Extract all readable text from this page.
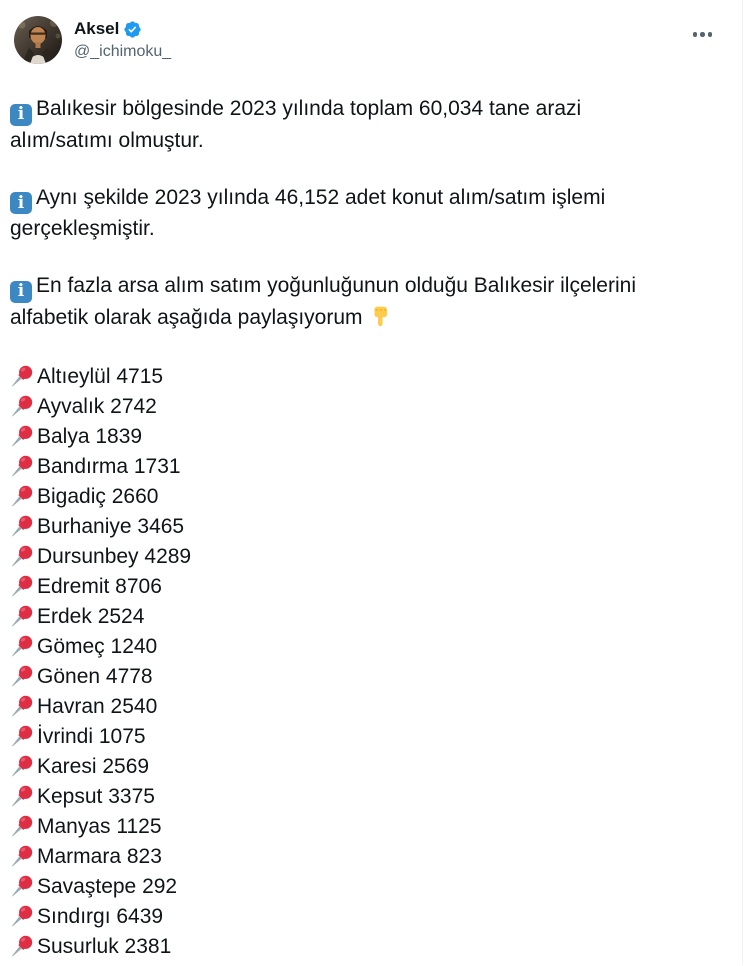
Aksel
@_ichimoku_

i Balıkesir bölgesinde 2023 yılında toplam 60,034 tane arazi alım/satımı olmuştur.

i Aynı şekilde 2023 yılında 46,152 adet konut alım/satım işlemi gerçekleşmiştir.

i En fazla arsa alım satım yoğunluğunun olduğu Balıkesir ilçelerini alfabetik olarak aşağıda paylaşıyorum

Altıeylül 4715
Ayvalık 2742
Balya 1839
Bandırma 1731
Bigadiç 2660
Burhaniye 3465
Dursunbey 4289
Edremit 8706
Erdek 2524
Gömeç 1240
Gönen 4778
Havran 2540
İvrindi 1075
Karesi 2569
Kepsut 3375
Manyas 1125
Marmara 823
Savaştepe 292
Sındırgı 6439
Susurluk 2381
